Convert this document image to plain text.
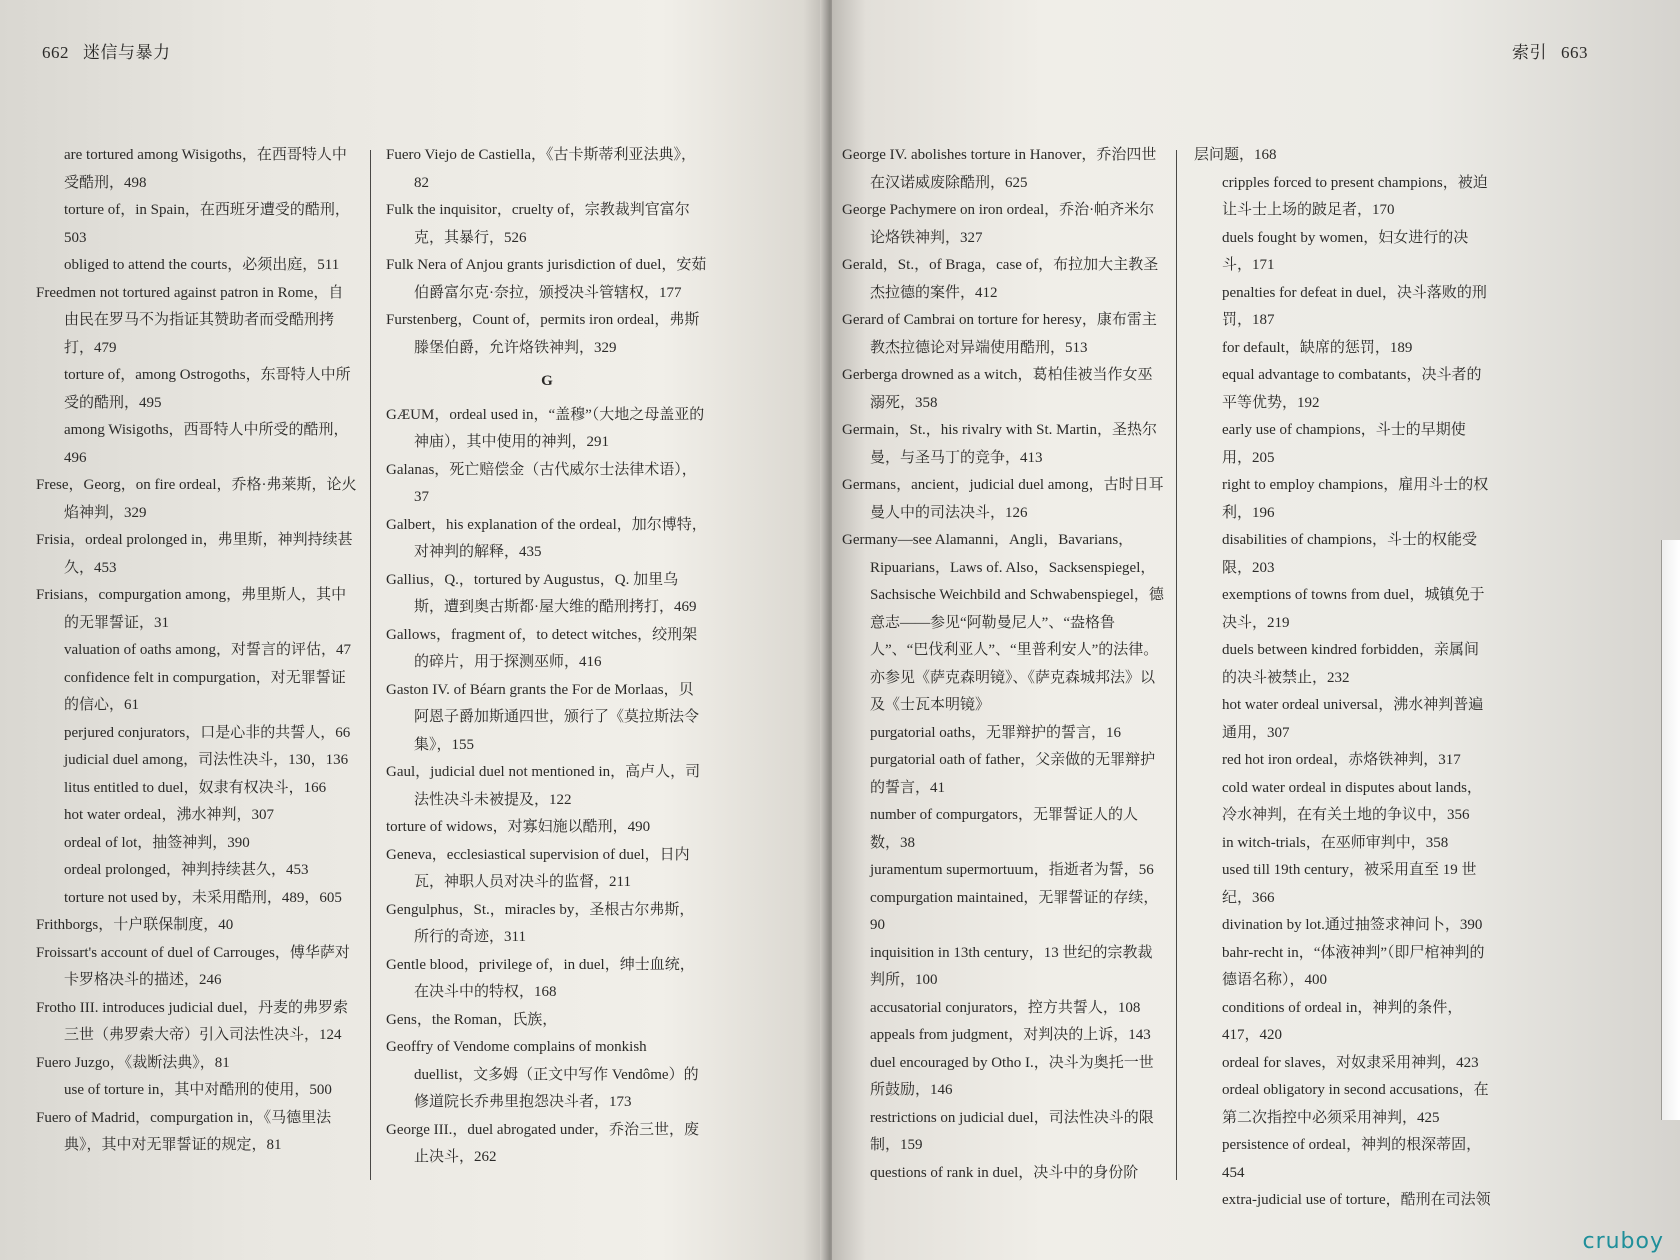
662 迷信与暴力

are tortured among Wisigoths，在西哥特人中受酷刑，498

torture of，in Spain，在西班牙遭受的酷刑，503

obliged to attend the courts，必须出庭，511

Freedmen not tortured against patron in Rome，自由民在罗马不为指证其赞助者而受酷刑拷打，479

torture of，among Ostrogoths，东哥特人中所受的酷刑，495

among Wisigoths，西哥特人中所受的酷刑，496

Frese，Georg，on fire ordeal，乔格·弗莱斯，论火焰神判，329

Frisia，ordeal prolonged in，弗里斯，神判持续甚久，453

Frisians，compurgation among，弗里斯人，其中的无罪誓证，31

valuation of oaths among，对誓言的评估，47

confidence felt in compurgation，对无罪誓证的信心，61

perjured conjurators，口是心非的共誓人，66

judicial duel among，司法性决斗，130，136

litus entitled to duel，奴隶有权决斗，166

hot water ordeal，沸水神判，307

ordeal of lot，抽签神判，390

ordeal prolonged，神判持续甚久，453

torture not used by，未采用酷刑，489，605

Frithborgs，十户联保制度，40

Froissart's account of duel of Carrouges，傅华萨对卡罗格决斗的描述，246

Frotho III. introduces judicial duel，丹麦的弗罗索三世（弗罗索大帝）引入司法性决斗，124

Fuero Juzgo，《裁断法典》，81

use of torture in，其中对酷刑的使用，500

Fuero of Madrid，compurgation in，《马德里法典》，其中对无罪誓证的规定，81

Fuero Viejo de Castiella，《古卡斯蒂利亚法典》，82

Fulk the inquisitor，cruelty of，宗教裁判官富尔克，其暴行，526

Fulk Nera of Anjou grants jurisdiction of duel，安茹伯爵富尔克·奈拉，颁授决斗管辖权，177

Furstenberg，Count of，permits iron ordeal，弗斯滕堡伯爵，允许烙铁神判，329

G

GÆUM，ordeal used in，“盖穆”（大地之母盖亚的神庙），其中使用的神判，291

Galanas，死亡赔偿金（古代威尔士法律术语），37

Galbert，his explanation of the ordeal，加尔博特，对神判的解释，435

Gallius，Q.，tortured by Augustus，Q. 加里乌斯，遭到奥古斯都·屋大维的酷刑拷打，469

Gallows，fragment of，to detect witches，绞刑架的碎片，用于探测巫师，416

Gaston IV. of Béarn grants the For de Morlaas，贝阿恩子爵加斯通四世，颁行了《莫拉斯法令集》，155

Gaul，judicial duel not mentioned in，高卢人，司法性决斗未被提及，122

torture of widows，对寡妇施以酷刑，490

Geneva，ecclesiastical supervision of duel，日内瓦，神职人员对决斗的监督，211

Gengulphus，St.，miracles by，圣根古尔弗斯，所行的奇迹，311

Gentle blood，privilege of，in duel，绅士血统，在决斗中的特权，168

Gens，the Roman，氏族，

Geoffry of Vendome complains of monkish duellist，文多姆（正文中写作 Vendôme）的修道院长乔弗里抱怨决斗者，173

George III.，duel abrogated under，乔治三世，废止决斗，262

索引 663

George IV. abolishes torture in Hanover，乔治四世在汉诺威废除酷刑，625

George Pachymere on iron ordeal，乔治·帕齐米尔论烙铁神判，327

Gerald，St.，of Braga，case of，布拉加大主教圣杰拉德的案件，412

Gerard of Cambrai on torture for heresy，康布雷主教杰拉德论对异端使用酷刑，513

Gerberga drowned as a witch，葛柏佳被当作女巫溺死，358

Germain，St.，his rivalry with St. Martin，圣热尔曼，与圣马丁的竞争，413

Germans，ancient，judicial duel among，古时日耳曼人中的司法决斗，126

Germany—see Alamanni，Angli，Bavarians，Ripuarians，Laws of. Also，Sacksenspiegel，Sachsische Weichbild and Schwabenspiegel，德意志——参见“阿勒曼尼人”、“盎格鲁人”、“巴伐利亚人”、“里普利安人”的法律。亦参见《萨克森明镜》、《萨克森城邦法》以及《士瓦本明镜》

purgatorial oaths，无罪辩护的誓言，16

purgatorial oath of father，父亲做的无罪辩护的誓言，41

number of compurgators，无罪誓证人的人数，38

juramentum supermortuum，指逝者为誓，56

compurgation maintained，无罪誓证的存续，90

inquisition in 13th century，13 世纪的宗教裁判所，100

accusatorial conjurators，控方共誓人，108

appeals from judgment，对判决的上诉，143

duel encouraged by Otho I.，决斗为奥托一世所鼓励，146

restrictions on judicial duel，司法性决斗的限制，159

questions of rank in duel，决斗中的身份阶

层问题，168

cripples forced to present champions，被迫让斗士上场的跛足者，170

duels fought by women，妇女进行的决斗，171

penalties for defeat in duel，决斗落败的刑罚，187

for default，缺席的惩罚，189

equal advantage to combatants，决斗者的平等优势，192

early use of champions，斗士的早期使用，205

right to employ champions，雇用斗士的权利，196

disabilities of champions，斗士的权能受限，203

exemptions of towns from duel，城镇免于决斗，219

duels between kindred forbidden，亲属间的决斗被禁止，232

hot water ordeal universal，沸水神判普遍通用，307

red hot iron ordeal，赤烙铁神判，317

cold water ordeal in disputes about lands，冷水神判，在有关土地的争议中，356

in witch-trials，在巫师审判中，358

used till 19th century，被采用直至 19 世纪，366

divination by lot.通过抽签求神问卜，390

bahr-recht in，“体液神判”（即尸棺神判的德语名称），400

conditions of ordeal in，神判的条件，417，420

ordeal for slaves，对奴隶采用神判，423

ordeal obligatory in second accusations，在第二次指控中必须采用神判，425

persistence of ordeal，神判的根深蒂固，454

extra-judicial use of torture，酷刑在司法领

cruboy
